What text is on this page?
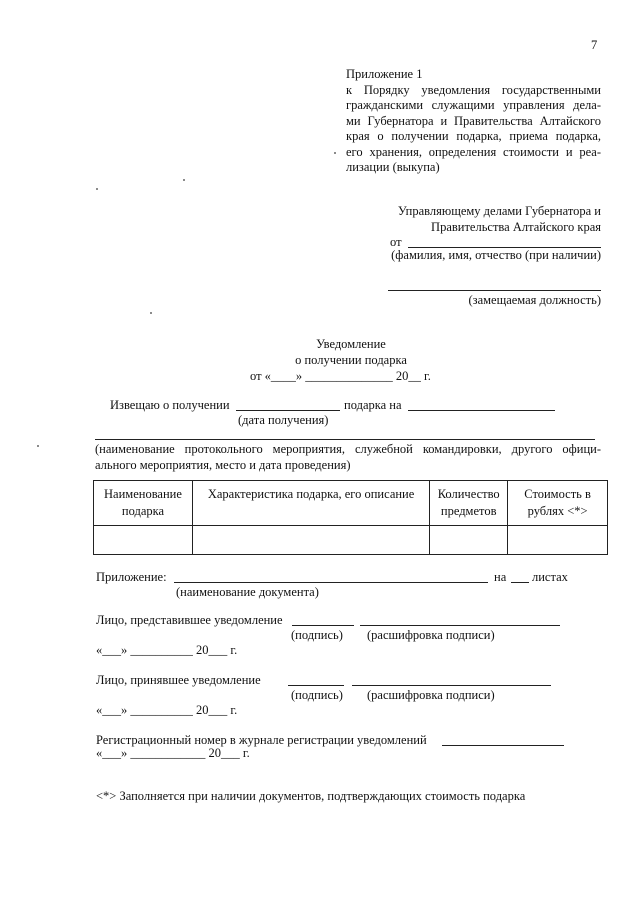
7
Приложение 1
к Порядку уведомления государственными
гражданскими служащими управления дела-
ми Губернатора и Правительства Алтайского
края о получении подарка, приема подарка,
его хранения, определения стоимости и реа-
лизации (выкупа)
Управляющему делами Губернатора и
Правительства Алтайского края
от
(фамилия, имя, отчество (при наличии)
(замещаемая должность)
Уведомление
о получении подарка
от «____» ______________ 20__ г.
Извещаю о получении	подарка на
(дата получения)
(наименование протокольного мероприятия, служебной командировки, другого офици-
ального мероприятия, место и дата проведения)
Наименование подарка	Характеристика подарка, его описание	Количество предметов	Стоимость в рублях <*>

Приложение:	на листах
(наименование документа)
Лицо, представившее уведомление
(подпись) (расшифровка подписи)
«___» __________ 20___ г.
Лицо, принявшее уведомление
(подпись) (расшифровка подписи)
«___» __________ 20___ г.
Регистрационный номер в журнале регистрации уведомлений
«___» ____________ 20___ г.
<*> Заполняется при наличии документов, подтверждающих стоимость подарка
